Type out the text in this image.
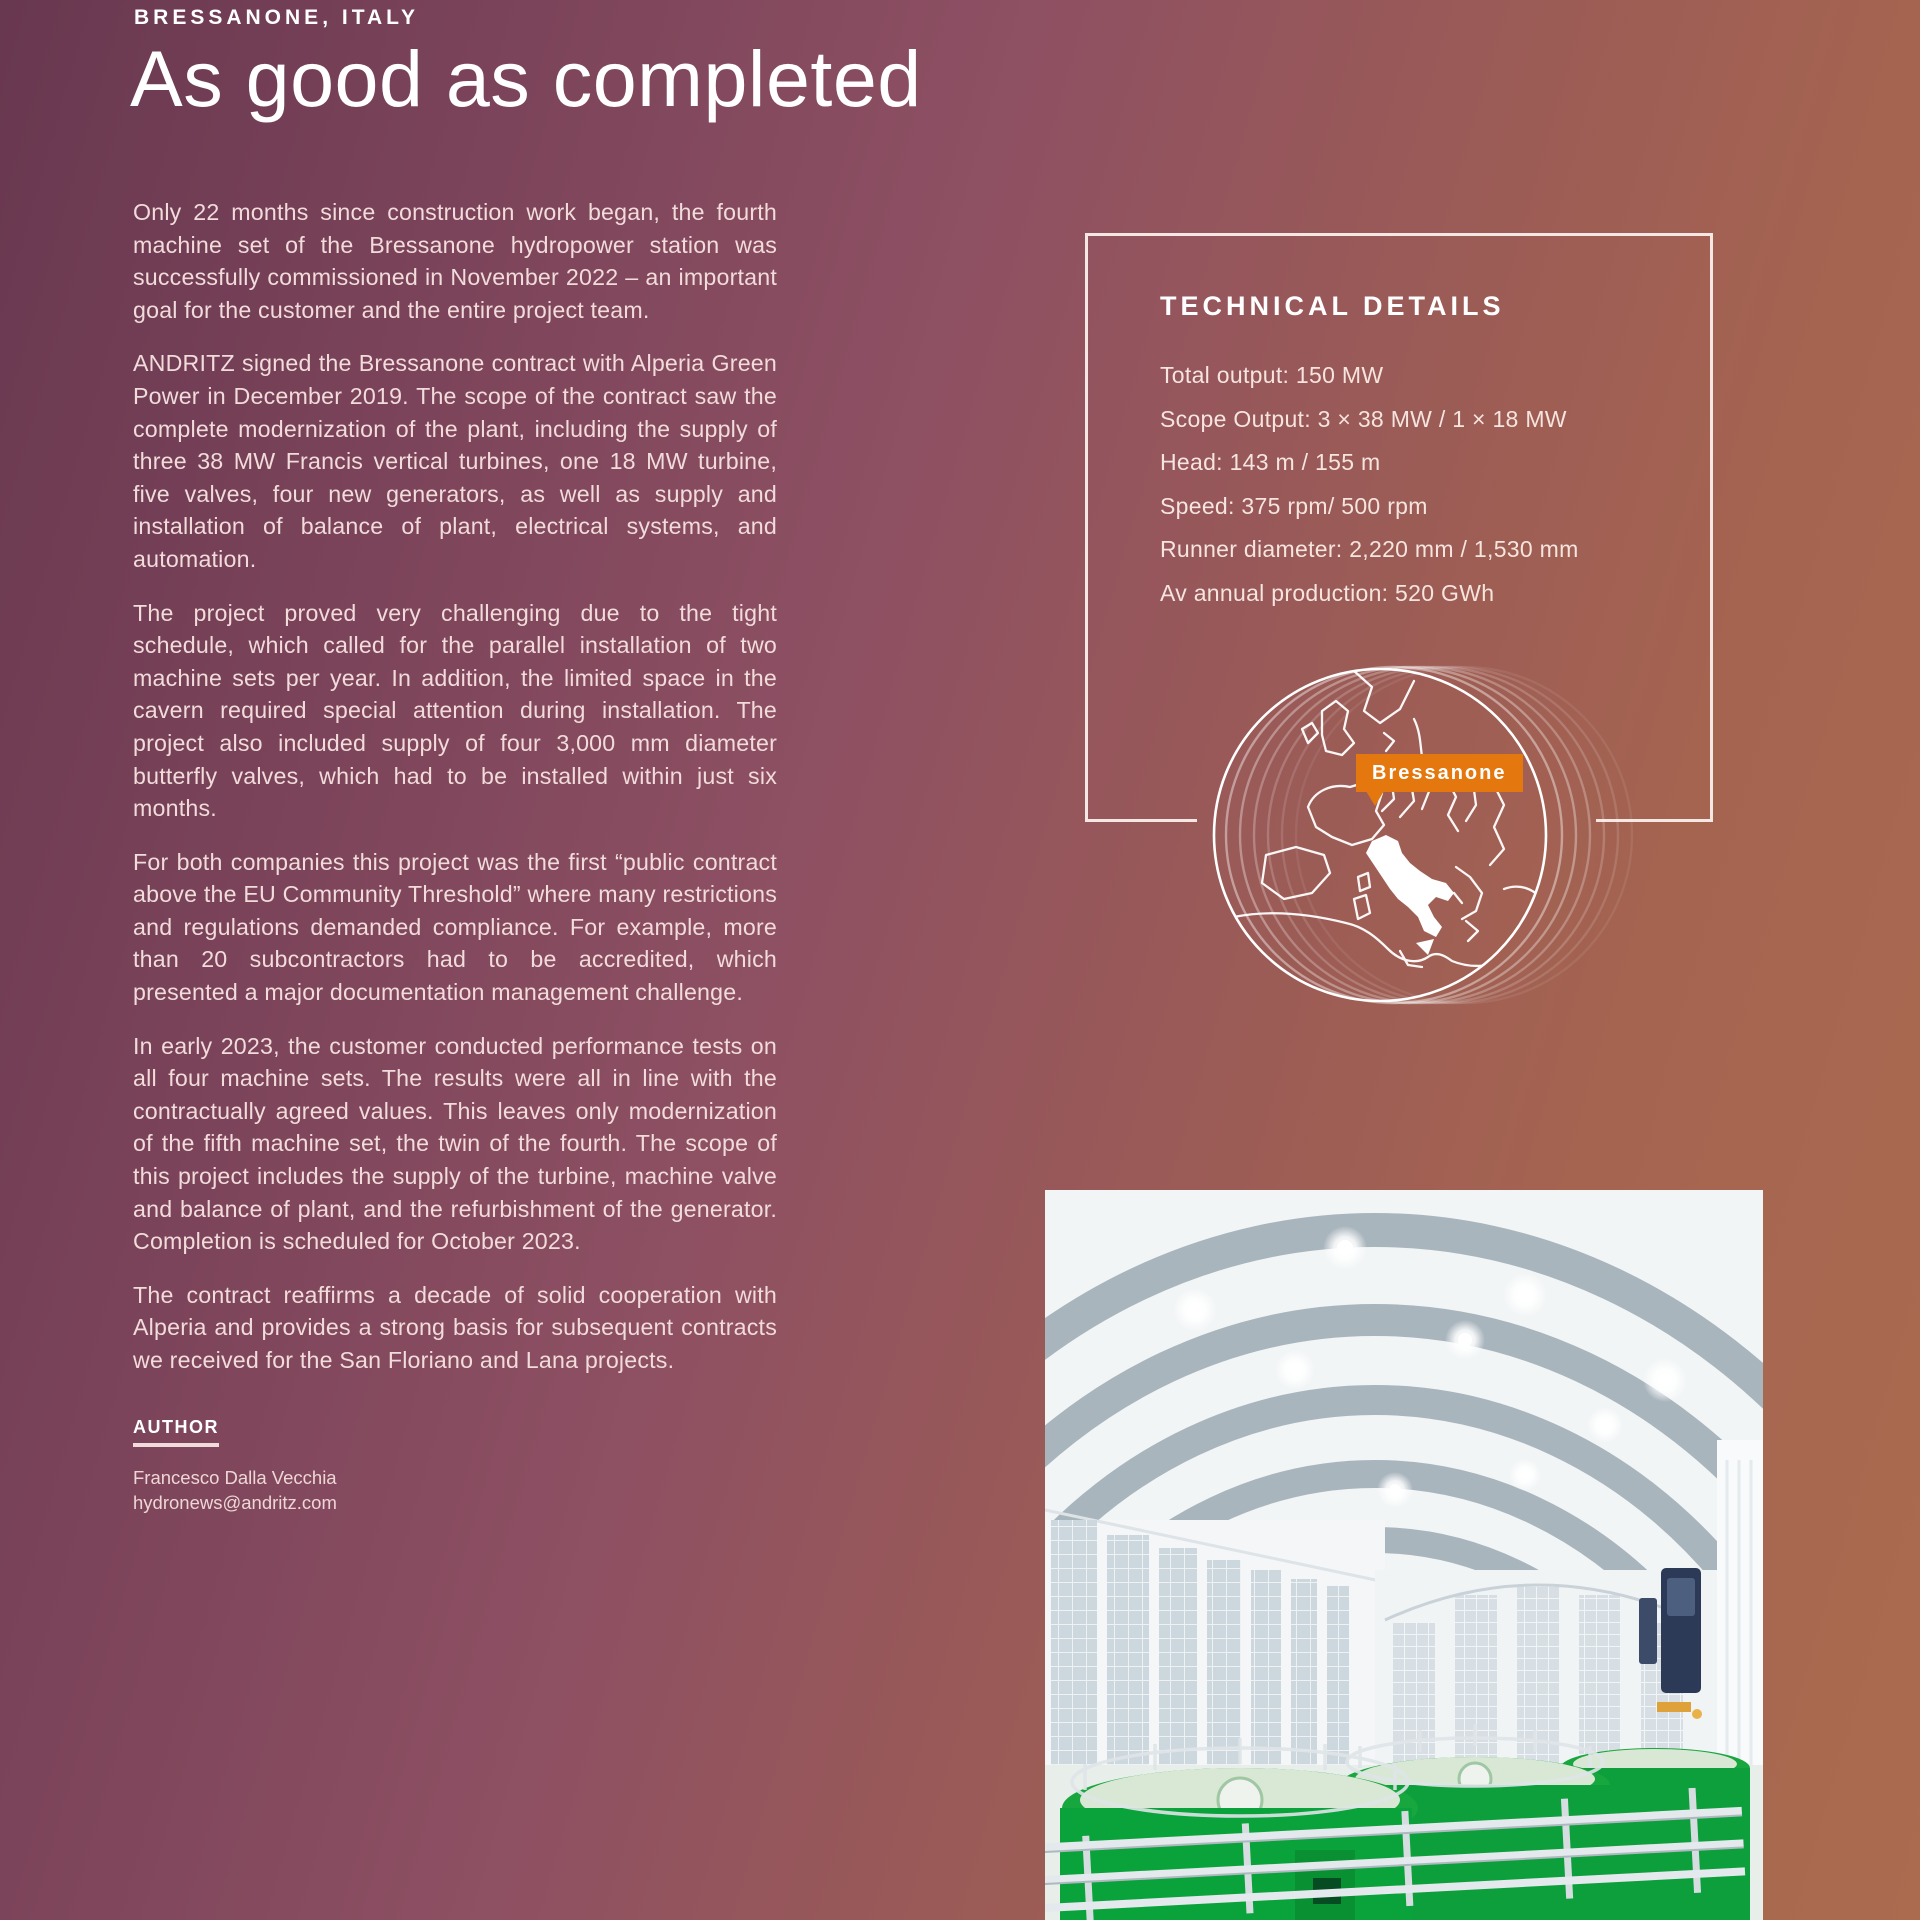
BRESSANONE, ITALY
As good as completed

Only 22 months since construction work began, the fourth machine set of the Bressanone hydropower station was successfully commissioned in November 2022 – an important goal for the customer and the entire project team.

ANDRITZ signed the Bressanone contract with Alperia Green Power in December 2019. The scope of the contract saw the complete modernization of the plant, including the supply of three 38 MW Francis vertical turbines, one 18 MW turbine, five valves, four new generators, as well as supply and installation of balance of plant, electrical systems, and automation.

The project proved very challenging due to the tight schedule, which called for the parallel installation of two machine sets per year. In addition, the limited space in the cavern required special attention during installation. The project also included supply of four 3,000 mm diameter butterfly valves, which had to be installed within just six months.

For both companies this project was the first “public contract above the EU Community Threshold” where many restrictions and regulations demanded compliance. For example, more than 20 subcontractors had to be accredited, which presented a major documentation management challenge.

In early 2023, the customer conducted performance tests on all four machine sets. The results were all in line with the contractually agreed values. This leaves only modernization of the fifth machine set, the twin of the fourth. The scope of this project includes the supply of the turbine, machine valve and balance of plant, and the refurbishment of the generator. Completion is scheduled for October 2023.

The contract reaffirms a decade of solid cooperation with Alperia and provides a strong basis for subsequent contracts we received for the San Floriano and Lana projects.

AUTHOR
Francesco Dalla Vecchia
hydronews@andritz.com
TECHNICAL DETAILS
Total output: 150 MW
Scope Output: 3 × 38 MW / 1 × 18 MW
Head: 143 m / 155 m
Speed: 375 rpm/ 500 rpm
Runner diameter: 2,220 mm / 1,530 mm
Av annual production: 520 GWh
Bressanone
